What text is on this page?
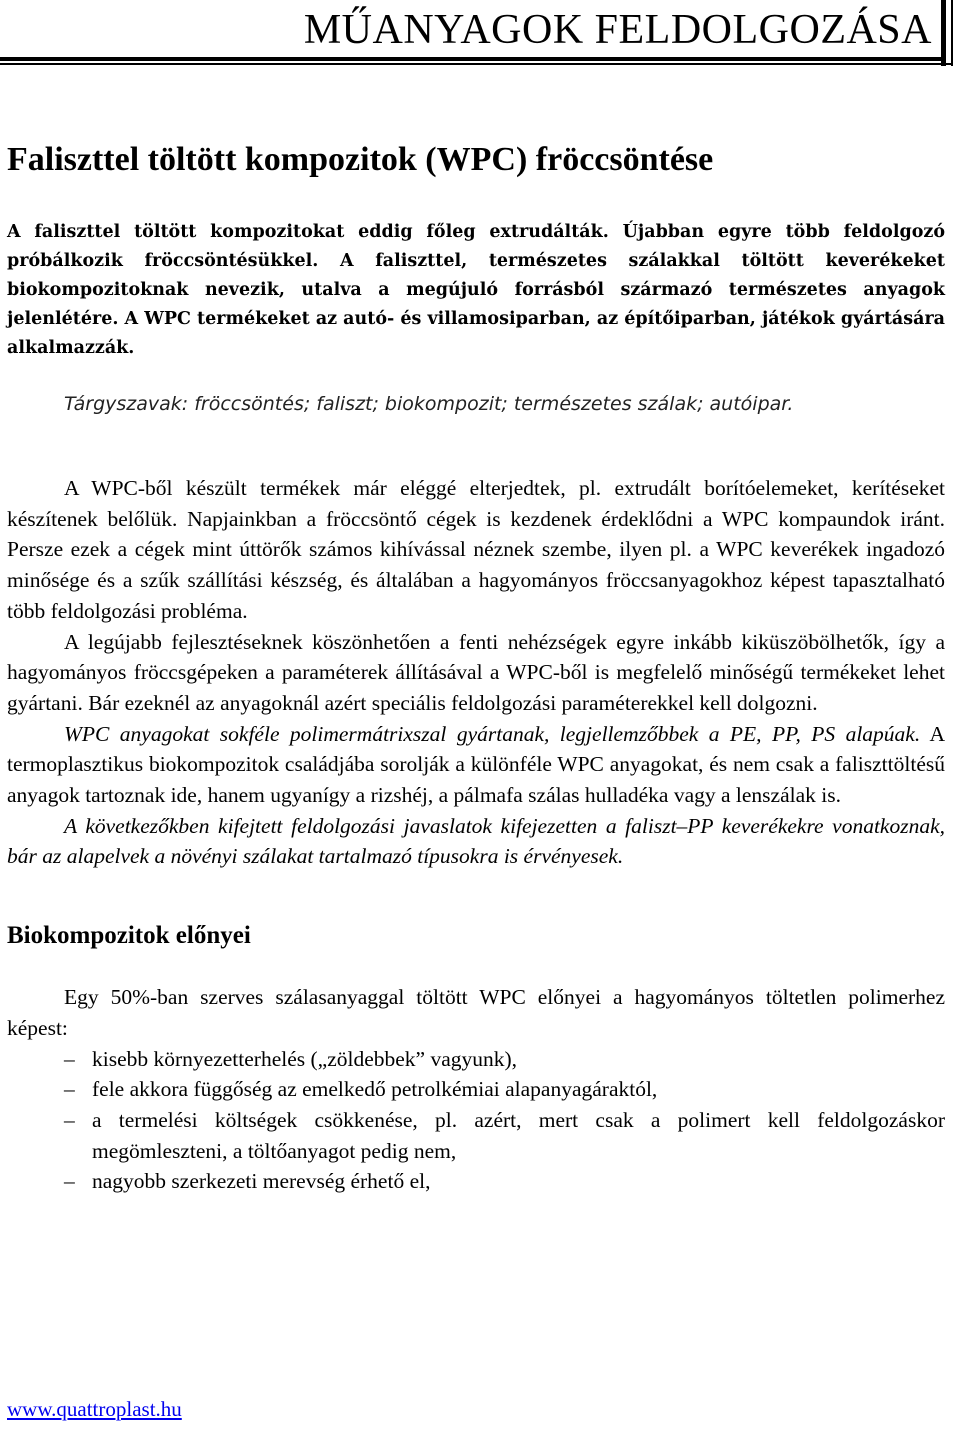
MŰANYAGOK FELDOLGOZÁSA
Faliszttel töltött kompozitok (WPC) fröccsöntése

A faliszttel töltött kompozitokat eddig főleg extrudálták. Újabban egyre több feldolgozó próbálkozik fröccsöntésükkel. A faliszttel, természetes szálakkal töltött keverékeket biokompozitoknak nevezik, utalva a megújuló forrásból származó természetes anyagok jelenlétére. A WPC termékeket az autó- és villamosiparban, az építőiparban, játékok gyártására alkalmazzák.

Tárgyszavak: fröccsöntés; faliszt; biokompozit; természetes szálak; autóipar.

A WPC-ből készült termékek már eléggé elterjedtek, pl. extrudált borítóelemeket, kerítéseket készítenek belőlük. Napjainkban a fröccsöntő cégek is kezdenek érdeklődni a WPC kompaundok iránt. Persze ezek a cégek mint úttörők számos kihívással néznek szembe, ilyen pl. a WPC keverékek ingadozó minősége és a szűk szállítási készség, és általában a hagyományos fröccsanyagokhoz képest tapasztalható több feldolgozási probléma.

A legújabb fejlesztéseknek köszönhetően a fenti nehézségek egyre inkább kiküszöbölhetők, így a hagyományos fröccsgépeken a paraméterek állításával a WPC-ből is megfelelő minőségű termékeket lehet gyártani. Bár ezeknél az anyagoknál azért speciális feldolgozási paraméterekkel kell dolgozni.

WPC anyagokat sokféle polimermátrixszal gyártanak, legjellemzőbbek a PE, PP, PS alapúak. A termoplasztikus biokompozitok családjába sorolják a különféle WPC anyagokat, és nem csak a faliszttöltésű anyagok tartoznak ide, hanem ugyanígy a rizshéj, a pálmafa szálas hulladéka vagy a lenszálak is.

A következőkben kifejtett feldolgozási javaslatok kifejezetten a faliszt–PP keverékekre vonatkoznak, bár az alapelvek a növényi szálakat tartalmazó típusokra is érvényesek.

Biokompozitok előnyei

Egy 50%-ban szerves szálasanyaggal töltött WPC előnyei a hagyományos töltetlen polimerhez képest:

– kisebb környezetterhelés („zöldebbek” vagyunk),
– fele akkora függőség az emelkedő petrolkémiai alapanyagáraktól,
– a termelési költségek csökkenése, pl. azért, mert csak a polimert kell feldolgozáskor megömleszteni, a töltőanyagot pedig nem,
– nagyobb szerkezeti merevség érhető el,
www.quattroplast.hu
